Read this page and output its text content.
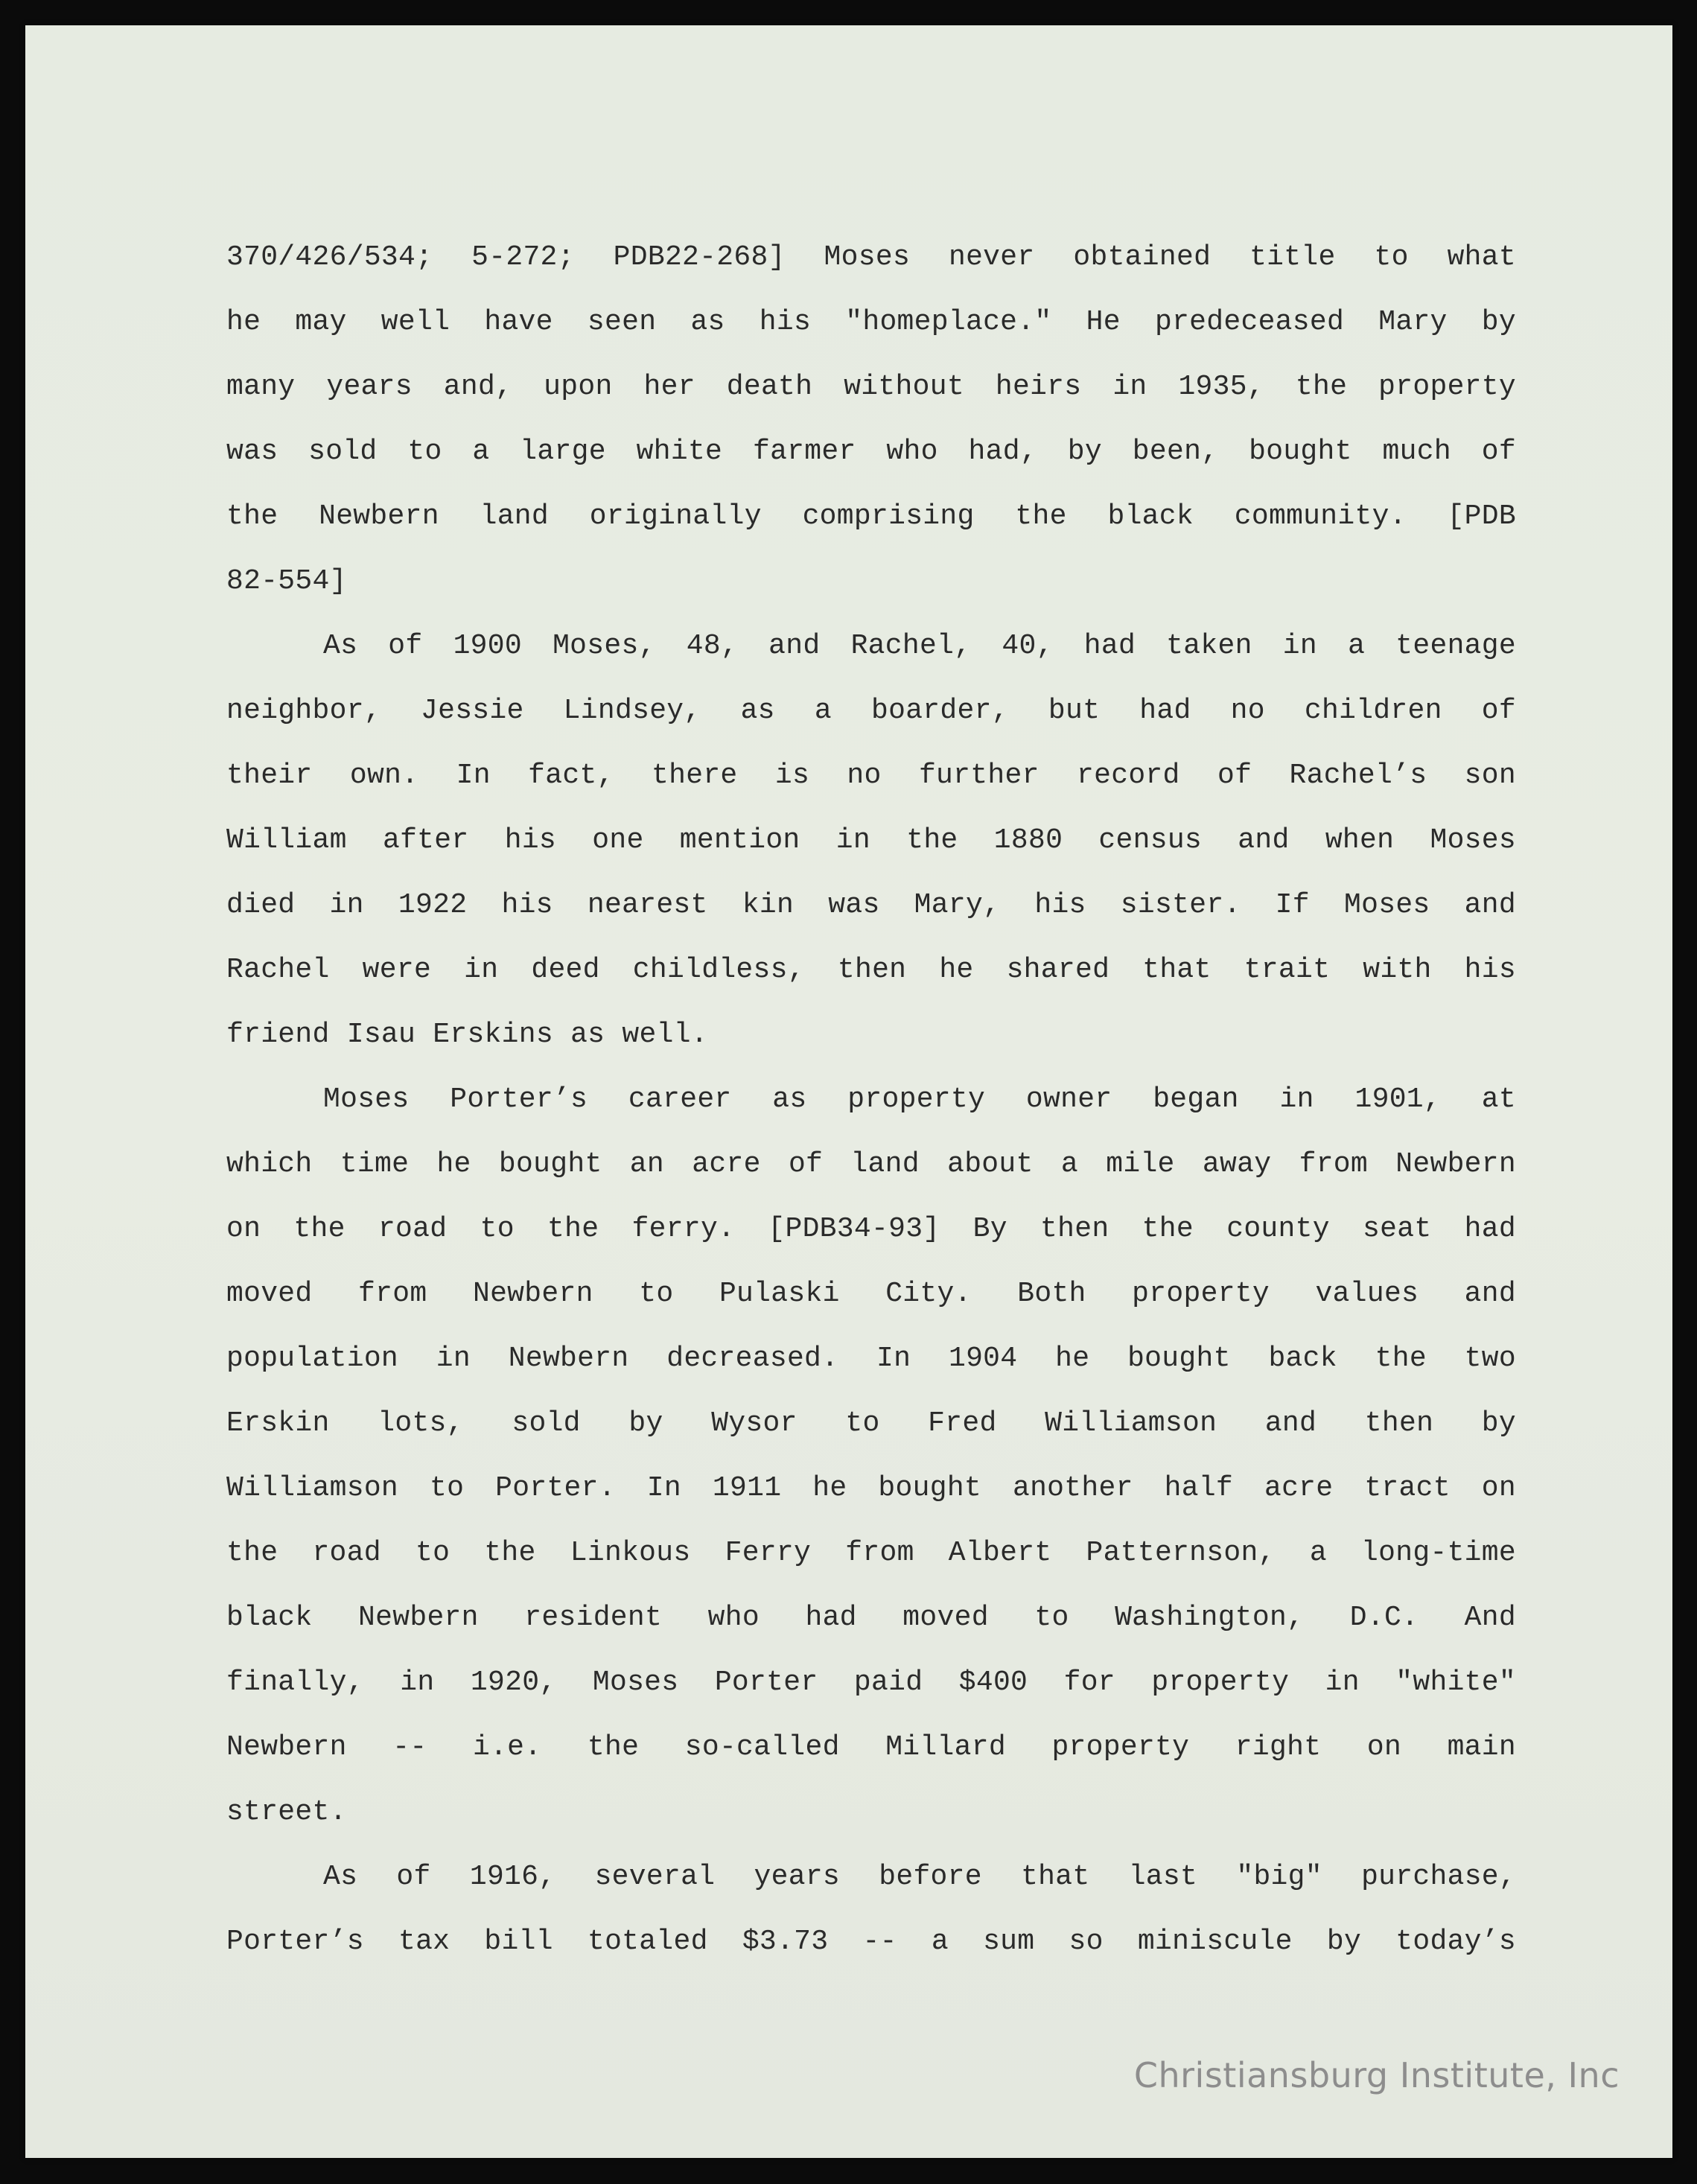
370/426/534; 5-272; PDB22-268] Moses never obtained title to what
he may well have seen as his "homeplace." He predeceased Mary by
many years and, upon her death without heirs in 1935, the property
was sold to a large white farmer who had, by been, bought much of
the Newbern land originally comprising the black community. [PDB
82-554]
As of 1900 Moses, 48, and Rachel, 40, had taken in a teenage
neighbor, Jessie Lindsey, as a boarder, but had no children of
their own. In fact, there is no further record of Rachel’s son
William after his one mention in the 1880 census and when Moses
died in 1922 his nearest kin was Mary, his sister. If Moses and
Rachel were in deed childless, then he shared that trait with his
friend Isau Erskins as well.
Moses Porter’s career as property owner began in 1901, at
which time he bought an acre of land about a mile away from Newbern
on the road to the ferry. [PDB34-93] By then the county seat had
moved from Newbern to Pulaski City. Both property values and
population in Newbern decreased. In 1904 he bought back the two
Erskin lots, sold by Wysor to Fred Williamson and then by
Williamson to Porter. In 1911 he bought another half acre tract on
the road to the Linkous Ferry from Albert Patternson, a long-time
black Newbern resident who had moved to Washington, D.C. And
finally, in 1920, Moses Porter paid $400 for property in "white"
Newbern -- i.e. the so-called Millard property right on main
street.
As of 1916, several years before that last "big" purchase,
Porter’s tax bill totaled $3.73 -- a sum so miniscule by today’s
Christiansburg Institute, Inc
